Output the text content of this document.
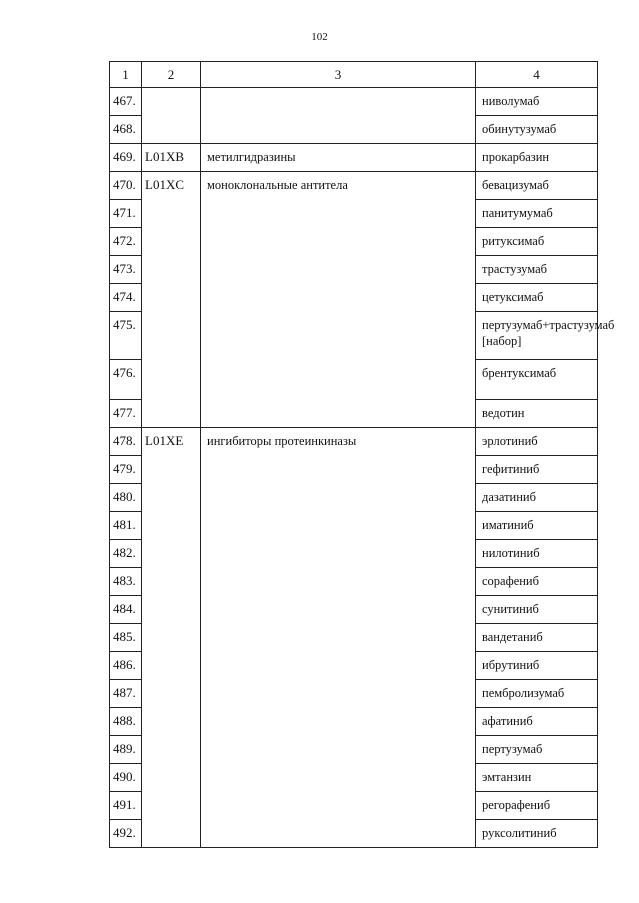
102
1	2	3	4
467.			ниволумаб
468.			обинутузумаб
469.	L01XB	метилгидразины	прокарбазин
470.	L01XC	моноклональные антитела	бевацизумаб
471.			панитумумаб
472.			ритуксимаб
473.			трастузумаб
474.			цетуксимаб
475.			пертузумаб+трастузумаб [набор]
476.			брентуксимаб
477.			ведотин
478.	L01XE	ингибиторы протеинкиназы	эрлотиниб
479.			гефитиниб
480.			дазатиниб
481.			иматиниб
482.			нилотиниб
483.			сорафениб
484.			сунитиниб
485.			вандетаниб
486.			ибрутиниб
487.			пембролизумаб
488.			афатиниб
489.			пертузумаб
490.			эмтанзин
491.			регорафениб
492.			руксолитиниб
